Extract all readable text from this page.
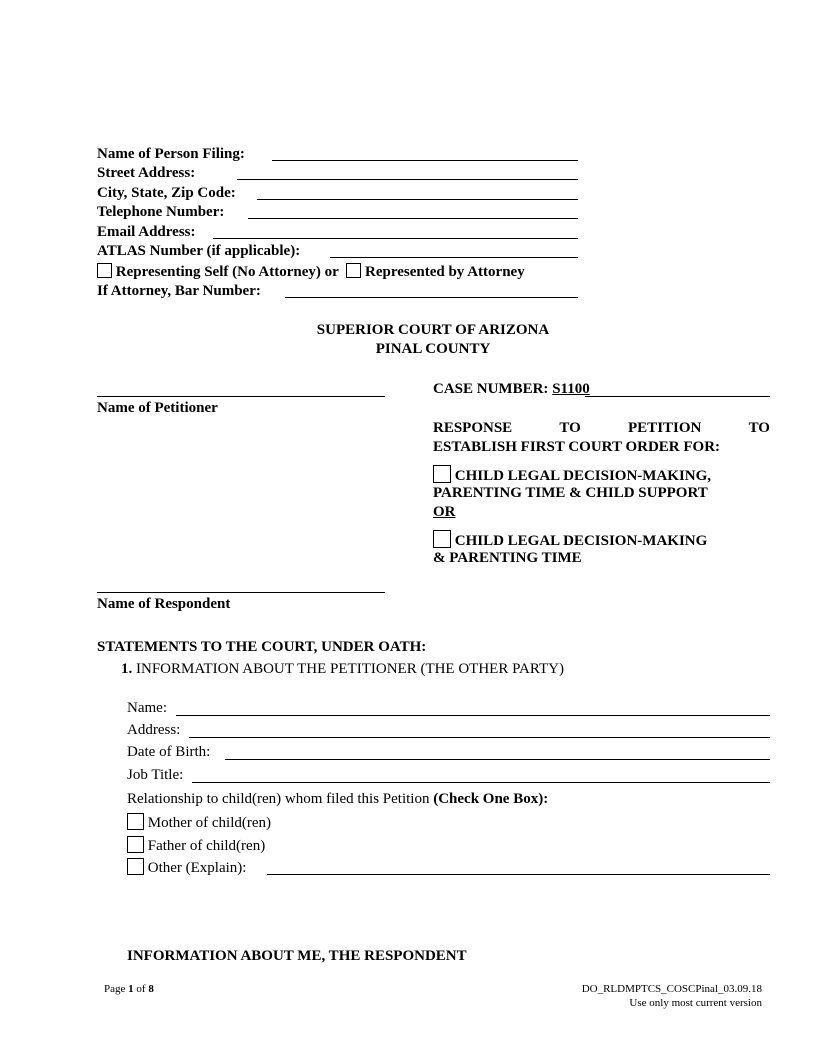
Name of Person Filing:
Street Address:
City, State, Zip Code:
Telephone Number:
Email Address:
ATLAS Number (if applicable):
Representing Self (No Attorney) or Represented by Attorney
If Attorney, Bar Number:
SUPERIOR COURT OF ARIZONA
PINAL COUNTY
Name of Petitioner
Name of Respondent
CASE NUMBER: S1100
RESPONSE	TO	PETITION	TO
ESTABLISH FIRST COURT ORDER FOR:
CHILD LEGAL DECISION-MAKING,
PARENTING TIME & CHILD SUPPORT
OR
CHILD LEGAL DECISION-MAKING
& PARENTING TIME
STATEMENTS TO THE COURT, UNDER OATH:
1. INFORMATION ABOUT THE PETITIONER (THE OTHER PARTY)
Name:
Address:
Date of Birth:
Job Title:
Relationship to child(ren) whom filed this Petition (Check One Box):
Mother of child(ren)
Father of child(ren)
Other (Explain):
INFORMATION ABOUT ME, THE RESPONDENT
Page 1 of 8	DO_RLDMPTCS_COSCPinal_03.09.18
Use only most current version
